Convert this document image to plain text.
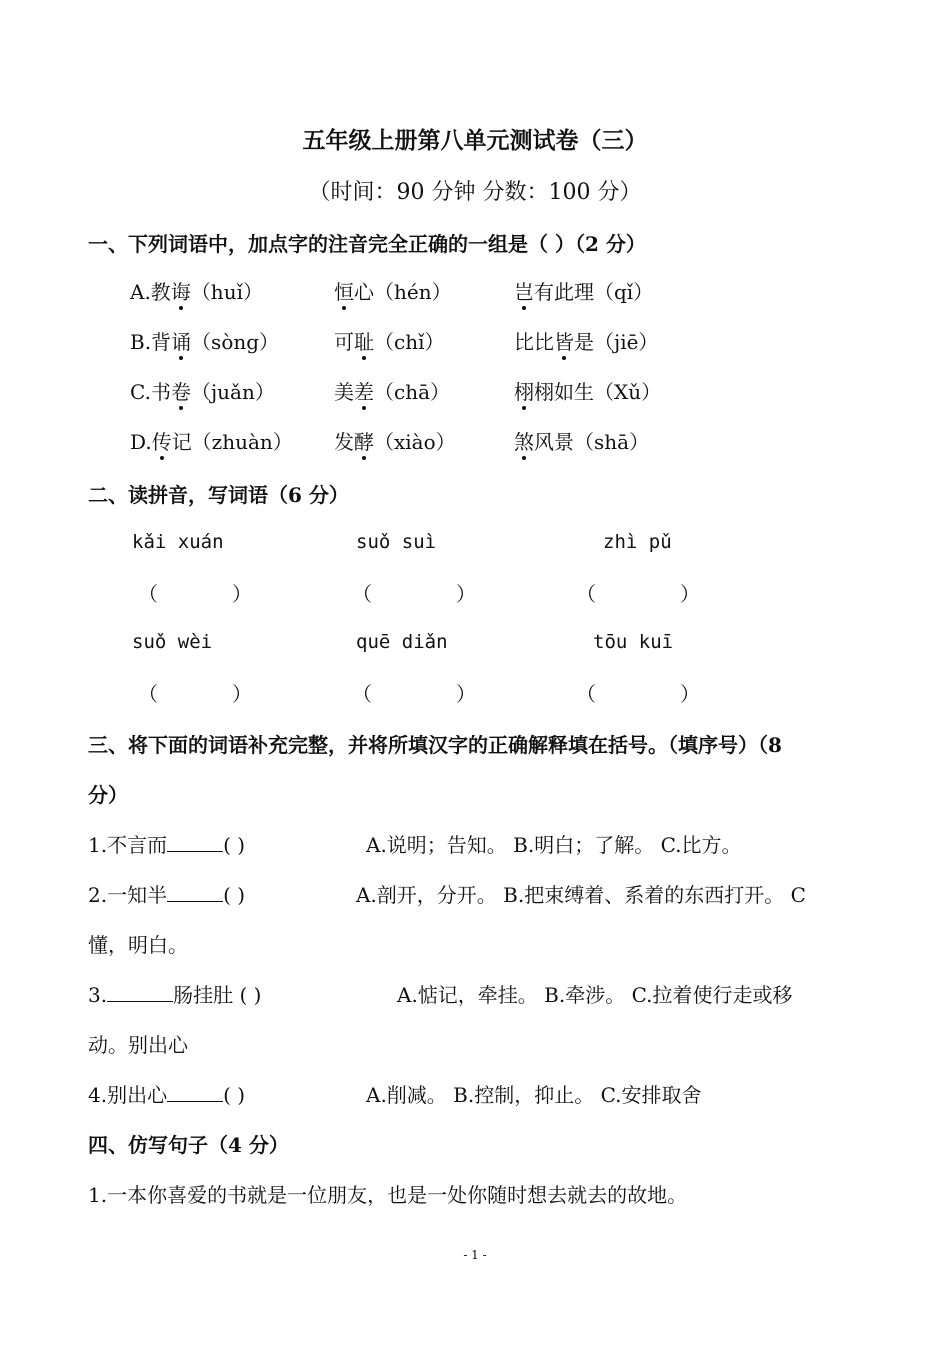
五年级上册第八单元测试卷（三）
（时间：90 分钟 分数：100 分）
一、下列词语中，加点字的注音完全正确的一组是（ ）（2 分）
A.教诲（huǐ）	恒心（hén）	岂有此理（qǐ）
B.背诵（sòng）	可耻（chǐ）	比比皆是（jiē）
C.书卷（juǎn）	美差（chā）	栩栩如生（Xǔ）
D.传记（zhuàn） 发酵（xiào）	煞风景（shā）
二、读拼音，写词语（6 分）
kǎi xuán	suǒ suì	zhì pǔ
（	）	（	）	（	）
suǒ wèi	quē diǎn	tōu kuī
（	）	（	）	（	）
三、将下面的词语补充完整，并将所填汉字的正确解释填在括号。（填序号）（8
分）
1.不言而	( )	A.说明；告知。 B.明白；了解。 C.比方。
2.一知半	( )	A.剖开，分开。 B.把束缚着、系着的东西打开。 C
懂，明白。
3.	肠挂肚 ( )	A.惦记，牵挂。 B.牵涉。 C.拉着使行走或移
动。别出心
4.别出心	( )	A.削减。 B.控制，抑止。 C.安排取舍
四、仿写句子（4 分）
1.一本你喜爱的书就是一位朋友，也是一处你随时想去就去的故地。
- 1 -
